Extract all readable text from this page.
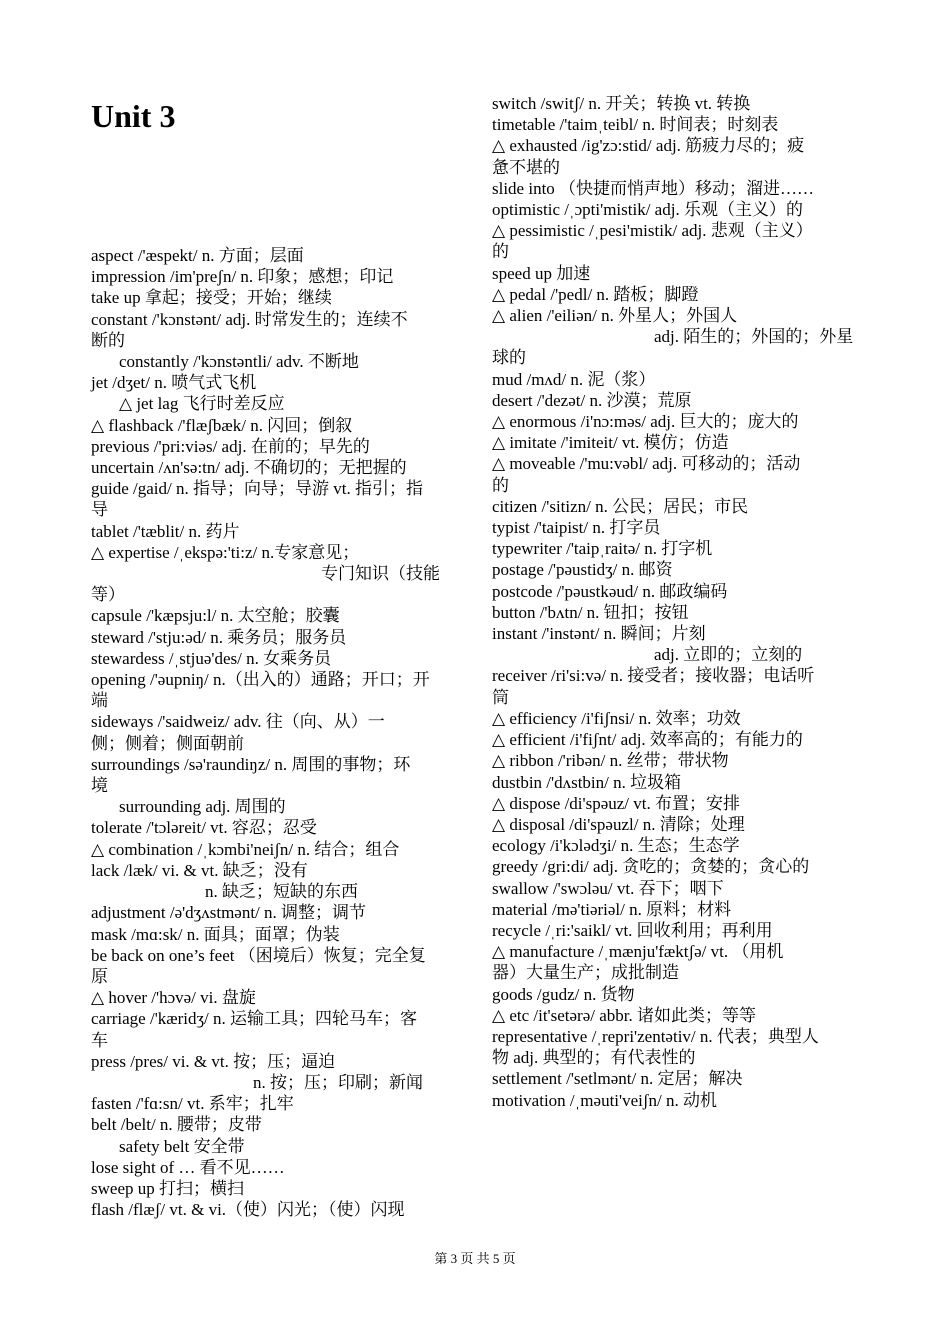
Unit 3
aspect /'æspekt/ n. 方面；层面
impression /im'preʃn/ n. 印象；感想；印记
take up 拿起；接受；开始；继续
constant /'kɔnstənt/ adj. 时常发生的；连续不
断的
constantly /'kɔnstəntli/ adv. 不断地
jet /dʒet/ n. 喷气式飞机
△ jet lag 飞行时差反应
△ flashback /'flæʃbæk/ n. 闪回；倒叙
previous /'pri:viəs/ adj. 在前的；早先的
uncertain /ʌn'sə:tn/ adj. 不确切的；无把握的
guide /gaid/ n. 指导；向导；导游 vt. 指引；指
导
tablet /'tæblit/ n. 药片
△ expertise /ˌekspə:'ti:z/ n.专家意见；
专门知识（技能
等）
capsule /'kæpsju:l/ n. 太空舱；胶囊
steward /'stju:əd/ n. 乘务员；服务员
stewardess /ˌstjuə'des/ n. 女乘务员
opening /'əupniŋ/ n.（出入的）通路；开口；开
端
sideways /'saidweiz/ adv. 往（向、从）一
侧；侧着；侧面朝前
surroundings /sə'raundiŋz/ n. 周围的事物；环
境
surrounding adj. 周围的
tolerate /'tɔləreit/ vt. 容忍；忍受
△ combination /ˌkɔmbi'neiʃn/ n. 结合；组合
lack /læk/ vi. & vt. 缺乏；没有
n. 缺乏；短缺的东西
adjustment /ə'dʒʌstmənt/ n. 调整；调节
mask /mɑ:sk/ n. 面具；面罩；伪装
be back on one’s feet （困境后）恢复；完全复
原
△ hover /'hɔvə/ vi. 盘旋
carriage /'kæridʒ/ n. 运输工具；四轮马车；客
车
press /pres/ vi. & vt. 按；压；逼迫
n. 按；压；印刷；新闻
fasten /'fɑ:sn/ vt. 系牢；扎牢
belt /belt/ n. 腰带；皮带
safety belt 安全带
lose sight of … 看不见……
sweep up 打扫；横扫
flash /flæʃ/ vt. & vi.（使）闪光；（使）闪现
switch /switʃ/ n. 开关；转换 vt. 转换
timetable /'taimˌteibl/ n. 时间表；时刻表
△ exhausted /ig'zɔ:stid/ adj. 筋疲力尽的；疲
惫不堪的
slide into （快捷而悄声地）移动；溜进……
optimistic /ˌɔpti'mistik/ adj. 乐观（主义）的
△ pessimistic /ˌpesi'mistik/ adj. 悲观（主义）
的
speed up 加速
△ pedal /'pedl/ n. 踏板；脚蹬
△ alien /'eiliən/ n. 外星人；外国人
adj. 陌生的；外国的；外星
球的
mud /mʌd/ n. 泥（浆）
desert /'dezət/ n. 沙漠；荒原
△ enormous /i'nɔ:məs/ adj. 巨大的；庞大的
△ imitate /'imiteit/ vt. 模仿；仿造
△ moveable /'mu:vəbl/ adj. 可移动的；活动
的
citizen /'sitizn/ n. 公民；居民；市民
typist /'taipist/ n. 打字员
typewriter /'taipˌraitə/ n. 打字机
postage /'pəustidʒ/ n. 邮资
postcode /'pəustkəud/ n. 邮政编码
button /'bʌtn/ n. 钮扣；按钮
instant /'instənt/ n. 瞬间；片刻
adj. 立即的；立刻的
receiver /ri'si:və/ n. 接受者；接收器；电话听
筒
△ efficiency /i'fiʃnsi/ n. 效率；功效
△ efficient /i'fiʃnt/ adj. 效率高的；有能力的
△ ribbon /'ribən/ n. 丝带；带状物
dustbin /'dʌstbin/ n. 垃圾箱
△ dispose /di'spəuz/ vt. 布置；安排
△ disposal /di'spəuzl/ n. 清除；处理
ecology /i'kɔlədʒi/ n. 生态；生态学
greedy /gri:di/ adj. 贪吃的；贪婪的；贪心的
swallow /'swɔləu/ vt. 吞下；咽下
material /mə'tiəriəl/ n. 原料；材料
recycle /ˌri:'saikl/ vt. 回收利用；再利用
△ manufacture /ˌmænju'fæktʃə/ vt. （用机
器）大量生产；成批制造
goods /gudz/ n. 货物
△ etc /it'setərə/ abbr. 诸如此类；等等
representative /ˌrepri'zentətiv/ n. 代表；典型人
物 adj. 典型的；有代表性的
settlement /'setlmənt/ n. 定居；解决
motivation /ˌməuti'veiʃn/ n. 动机
第 3 页 共 5 页
